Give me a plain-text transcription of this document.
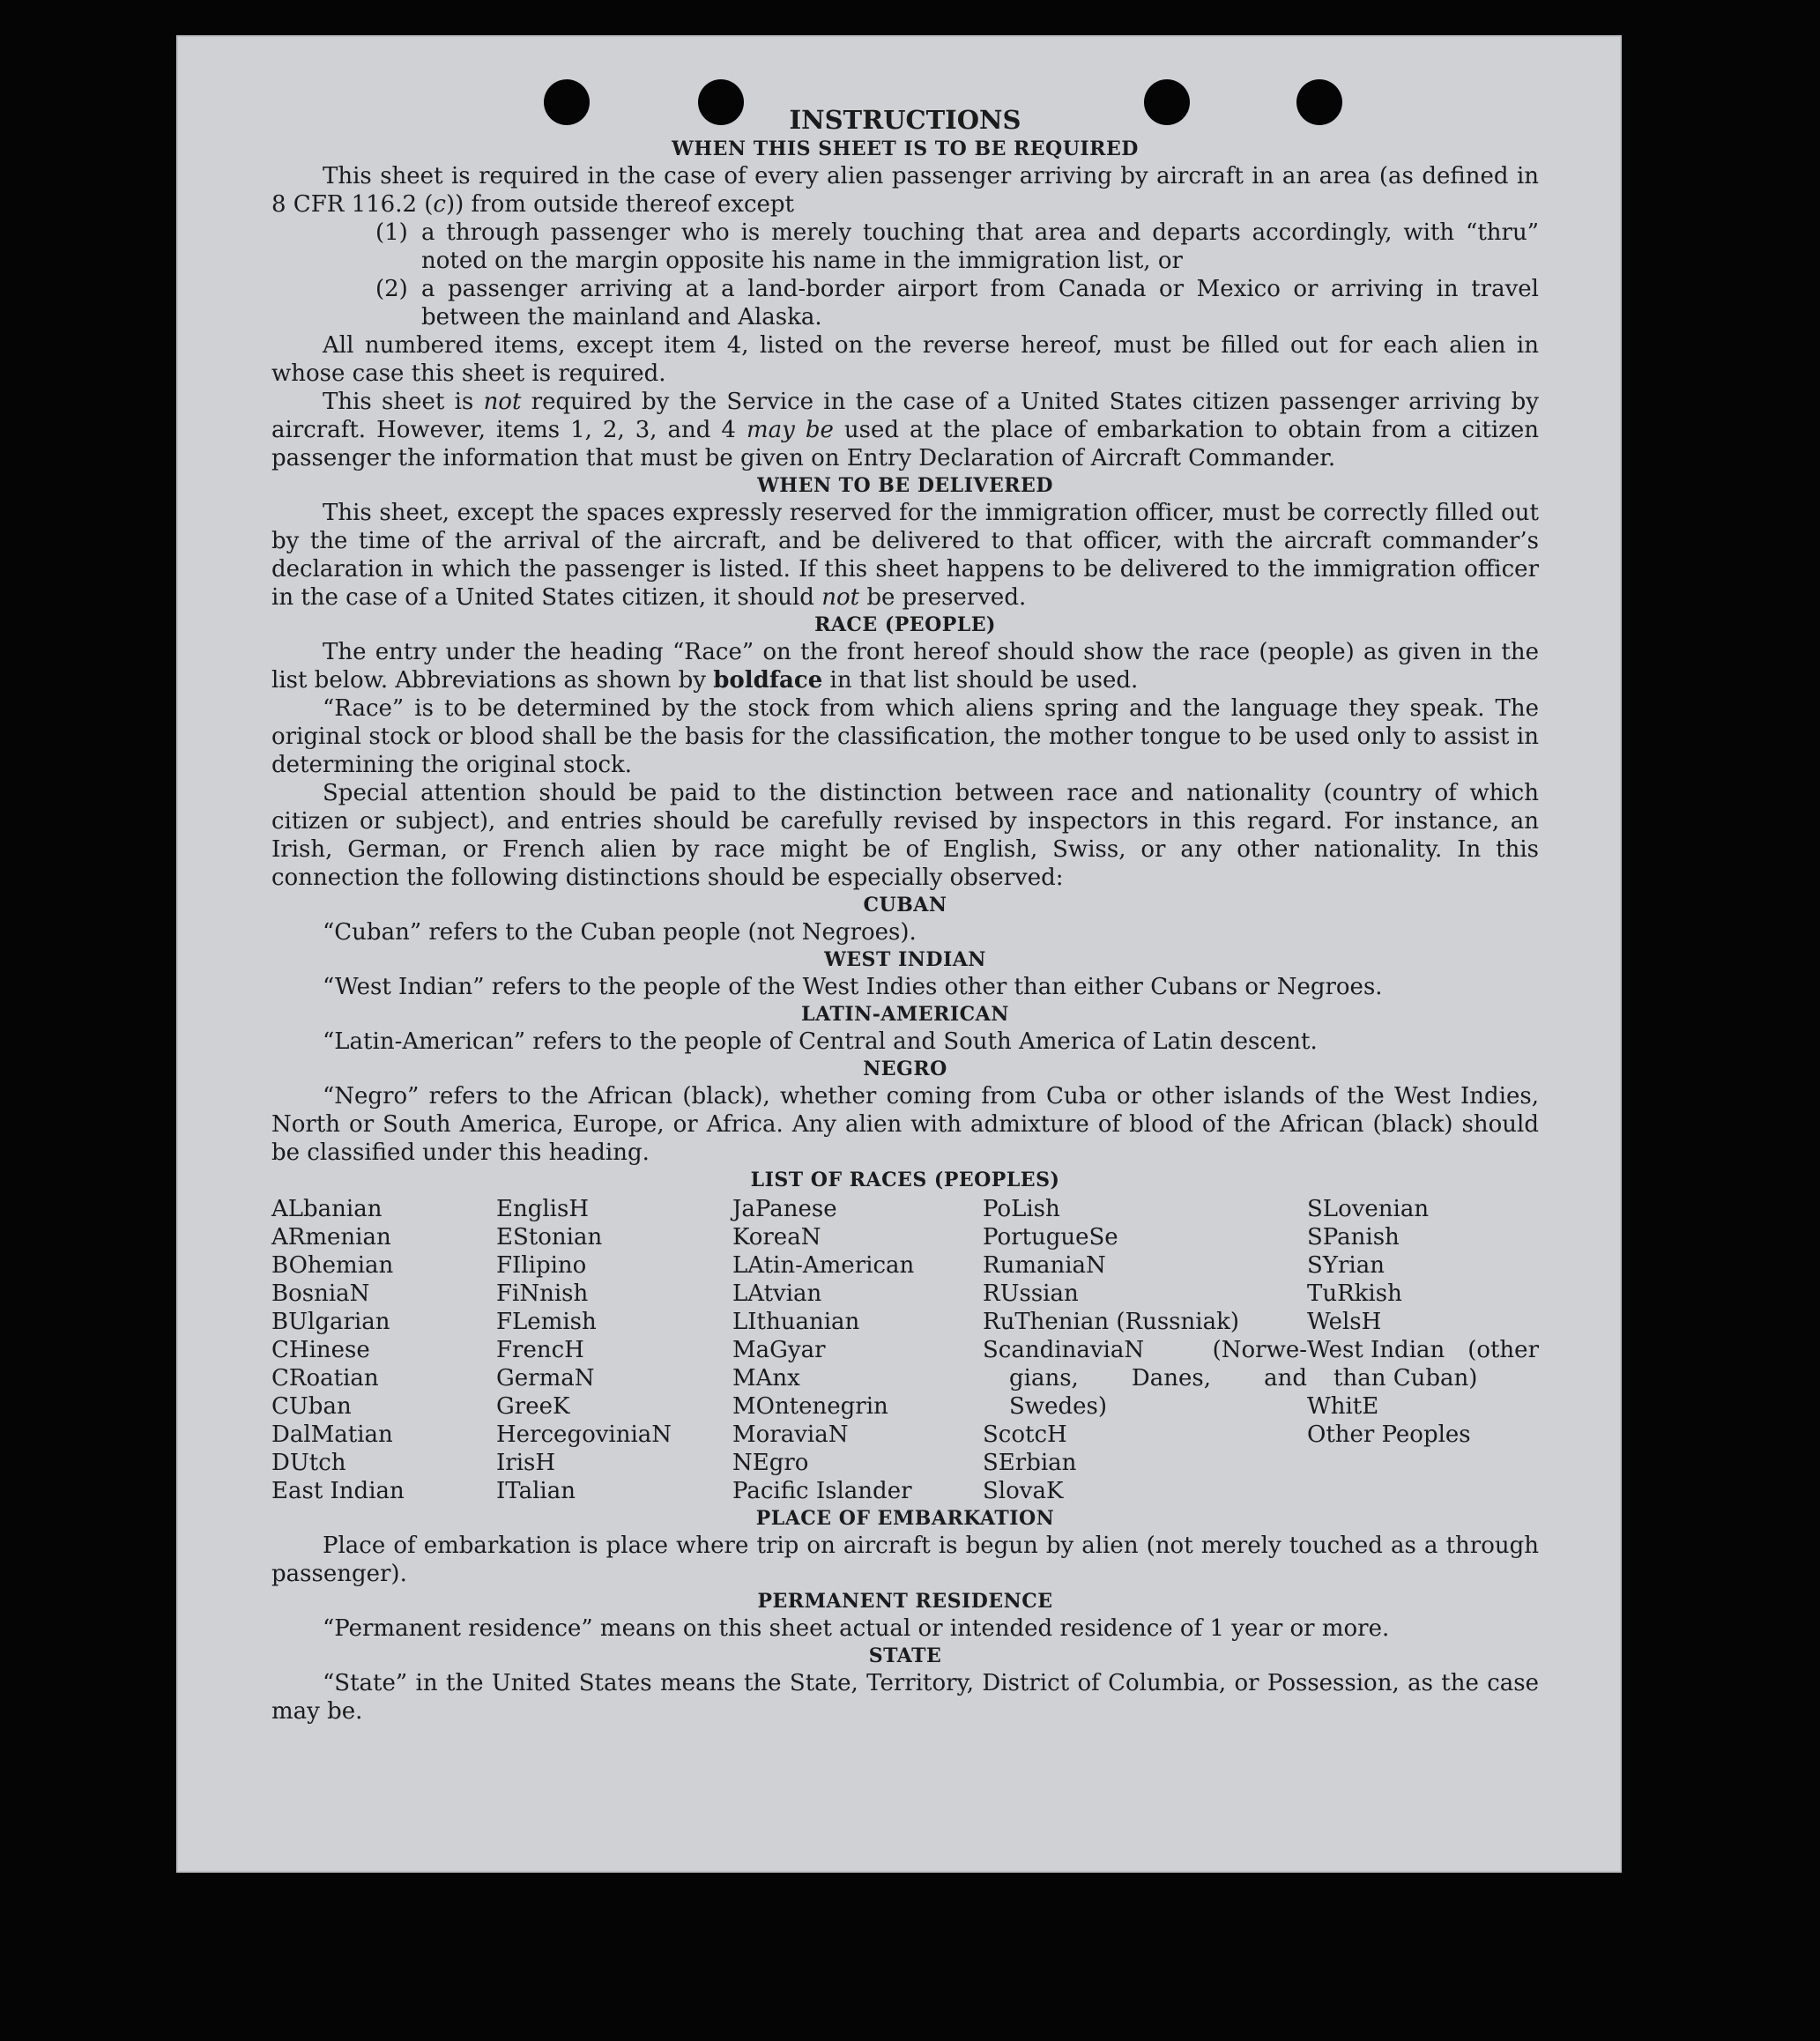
INSTRUCTIONS
WHEN THIS SHEET IS TO BE REQUIRED

This sheet is required in the case of every alien passenger arriving by aircraft in an area (as defined in 8 CFR 116.2 (c)) from outside thereof except

(1) a through passenger who is merely touching that area and departs accordingly, with “thru” noted on the margin opposite his name in the immigration list, or
(2) a passenger arriving at a land-border airport from Canada or Mexico or arriving in travel between the mainland and Alaska.

All numbered items, except item 4, listed on the reverse hereof, must be filled out for each alien in whose case this sheet is required.

This sheet is not required by the Service in the case of a United States citizen passenger arriving by aircraft. However, items 1, 2, 3, and 4 may be used at the place of embarkation to obtain from a citizen passenger the information that must be given on Entry Declaration of Aircraft Commander.

WHEN TO BE DELIVERED

This sheet, except the spaces expressly reserved for the immigration officer, must be correctly filled out by the time of the arrival of the aircraft, and be delivered to that officer, with the aircraft commander’s declaration in which the passenger is listed. If this sheet happens to be delivered to the immigration officer in the case of a United States citizen, it should not be preserved.

RACE (PEOPLE)

The entry under the heading “Race” on the front hereof should show the race (people) as given in the list below. Abbreviations as shown by boldface in that list should be used.

“Race” is to be determined by the stock from which aliens spring and the language they speak. The original stock or blood shall be the basis for the classification, the mother tongue to be used only to assist in determining the original stock.

Special attention should be paid to the distinction between race and nationality (country of which citizen or subject), and entries should be carefully revised by inspectors in this regard. For instance, an Irish, German, or French alien by race might be of English, Swiss, or any other nationality. In this connection the following distinctions should be especially observed:

CUBAN

“Cuban” refers to the Cuban people (not Negroes).

WEST INDIAN

“West Indian” refers to the people of the West Indies other than either Cubans or Negroes.

LATIN-AMERICAN

“Latin-American” refers to the people of Central and South America of Latin descent.

NEGRO

“Negro” refers to the African (black), whether coming from Cuba or other islands of the West Indies, North or South America, Europe, or Africa. Any alien with admixture of blood of the African (black) should be classified under this heading.

LIST OF RACES (PEOPLES)
ALbanian
ARmenian
BOhemian
BosniaN
BUlgarian
CHinese
CRoatian
CUban
DalMatian
DUtch
East Indian
EnglisH
EStonian
FIlipino
FiNnish
FLemish
FrencH
GermaN
GreeK
HercegoviniaN
IrisH
ITalian
JaPanese
KoreaN
LAtin-American
LAtvian
LIthuanian
MaGyar
MAnx
MOntenegrin
MoraviaN
NEgro
Pacific Islander
PoLish
PortugueSe
RumaniaN
RUssian
RuThenian (Russniak)
ScandinaviaN	(Norwe-
gians, Danes, and
Swedes)
ScotcH
SErbian
SlovaK
SLovenian
SPanish
SYrian
TuRkish
WelsH
West Indian (other
than Cuban)
WhitE
Other Peoples
PLACE OF EMBARKATION

Place of embarkation is place where trip on aircraft is begun by alien (not merely touched as a through passenger).

PERMANENT RESIDENCE

“Permanent residence” means on this sheet actual or intended residence of 1 year or more.

STATE

“State” in the United States means the State, Territory, District of Columbia, or Possession, as the case may be.
